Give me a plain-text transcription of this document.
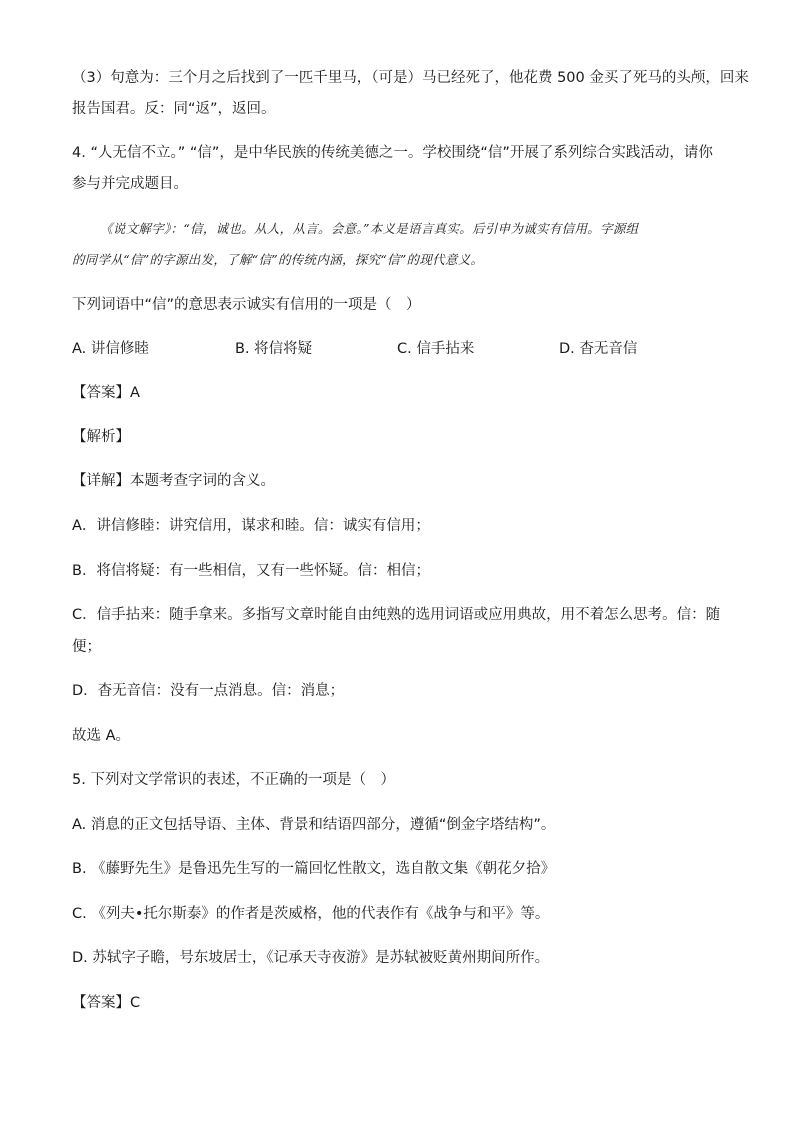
（3）句意为：三个月之后找到了一匹千里马，（可是）马已经死了，他花费 500 金买了死马的头颅，回来
报告国君。反：同“返”，返回。
4. “人无信不立。” “信”，是中华民族的传统美德之一。学校围绕“信”开展了系列综合实践活动，请你
参与并完成题目。
《说文解字》：“信，诚也。从人，从言。会意。”本义是语言真实。后引申为诚实有信用。字源组
的同学从“信”的字源出发，了解“信”的传统内涵，探究“信”的现代意义。
下列词语中“信”的意思表示诚实有信用的一项是（　）
A. 讲信修睦	B. 将信将疑	C. 信手拈来	D. 杳无音信
【答案】A
【解析】
【详解】本题考查字词的含义。
A．讲信修睦：讲究信用，谋求和睦。信：诚实有信用；
B．将信将疑：有一些相信，又有一些怀疑。信：相信；
C．信手拈来：随手拿来。多指写文章时能自由纯熟的选用词语或应用典故，用不着怎么思考。信：随
便；
D．杳无音信：没有一点消息。信：消息；
故选 A。
5. 下列对文学常识的表述，不正确的一项是（　）
A. 消息的正文包括导语、主体、背景和结语四部分，遵循“倒金字塔结构”。
B. 《藤野先生》是鲁迅先生写的一篇回忆性散文，选自散文集《朝花夕拾》
C. 《列夫•托尔斯泰》的作者是茨威格，他的代表作有《战争与和平》等。
D. 苏轼字子瞻，号东坡居士，《记承天寺夜游》是苏轼被贬黄州期间所作。
【答案】C
